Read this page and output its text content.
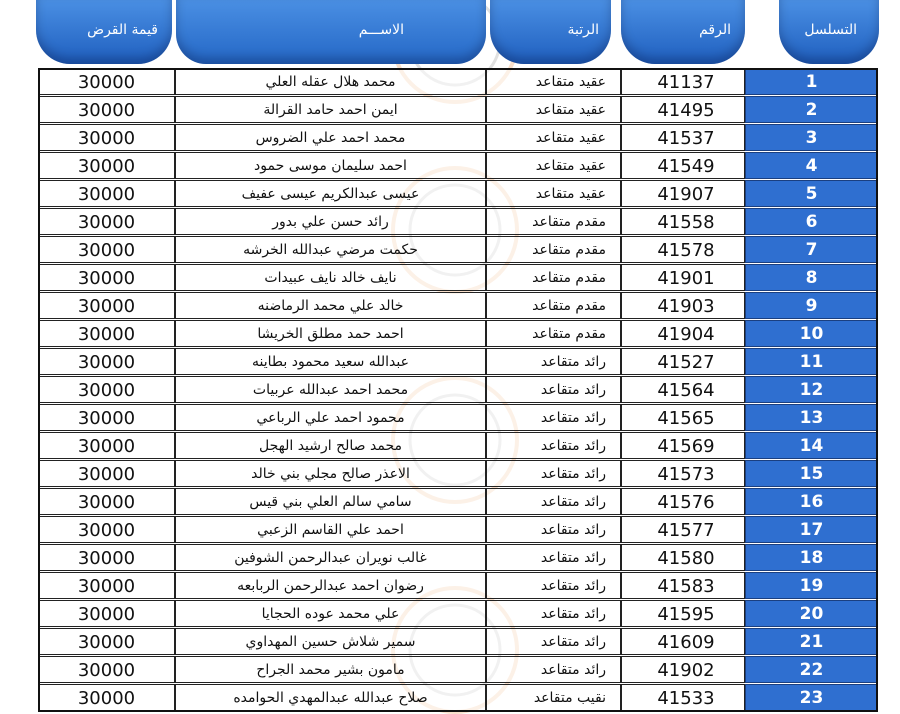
قيمة القرض	الاســـم	الرتبة	الرقم	التسلسل
30000	محمد هلال عقله العلي	عقيد متقاعد	41137	1
30000	ايمن احمد حامد القرالة	عقيد متقاعد	41495	2
30000	محمد احمد علي الضروس	عقيد متقاعد	41537	3
30000	احمد سليمان موسى حمود	عقيد متقاعد	41549	4
30000	عيسى عبدالكريم عيسى عفيف	عقيد متقاعد	41907	5
30000	رائد حسن علي بدور	مقدم متقاعد	41558	6
30000	حكمت مرضي عبدالله الخرشه	مقدم متقاعد	41578	7
30000	نايف خالد نايف عبيدات	مقدم متقاعد	41901	8
30000	خالد علي محمد الرماضنه	مقدم متقاعد	41903	9
30000	احمد حمد مطلق الخريشا	مقدم متقاعد	41904	10
30000	عبدالله سعيد محمود بطاينه	رائد متقاعد	41527	11
30000	محمد احمد عبدالله عربيات	رائد متقاعد	41564	12
30000	محمود احمد علي الرباعي	رائد متقاعد	41565	13
30000	محمد صالح ارشيد الهجل	رائد متقاعد	41569	14
30000	الاعذر صالح مجلي بني خالد	رائد متقاعد	41573	15
30000	سامي سالم العلي بني قيس	رائد متقاعد	41576	16
30000	احمد علي القاسم الزعبي	رائد متقاعد	41577	17
30000	غالب نويران عبدالرحمن الشوفين	رائد متقاعد	41580	18
30000	رضوان احمد عبدالرحمن الربابعه	رائد متقاعد	41583	19
30000	علي محمد عوده الحجايا	رائد متقاعد	41595	20
30000	سمير شلاش حسين المهداوي	رائد متقاعد	41609	21
30000	مامون بشير محمد الجراح	رائد متقاعد	41902	22
30000	صلاح عبدالله عبدالمهدي الحوامده	نقيب متقاعد	41533	23
